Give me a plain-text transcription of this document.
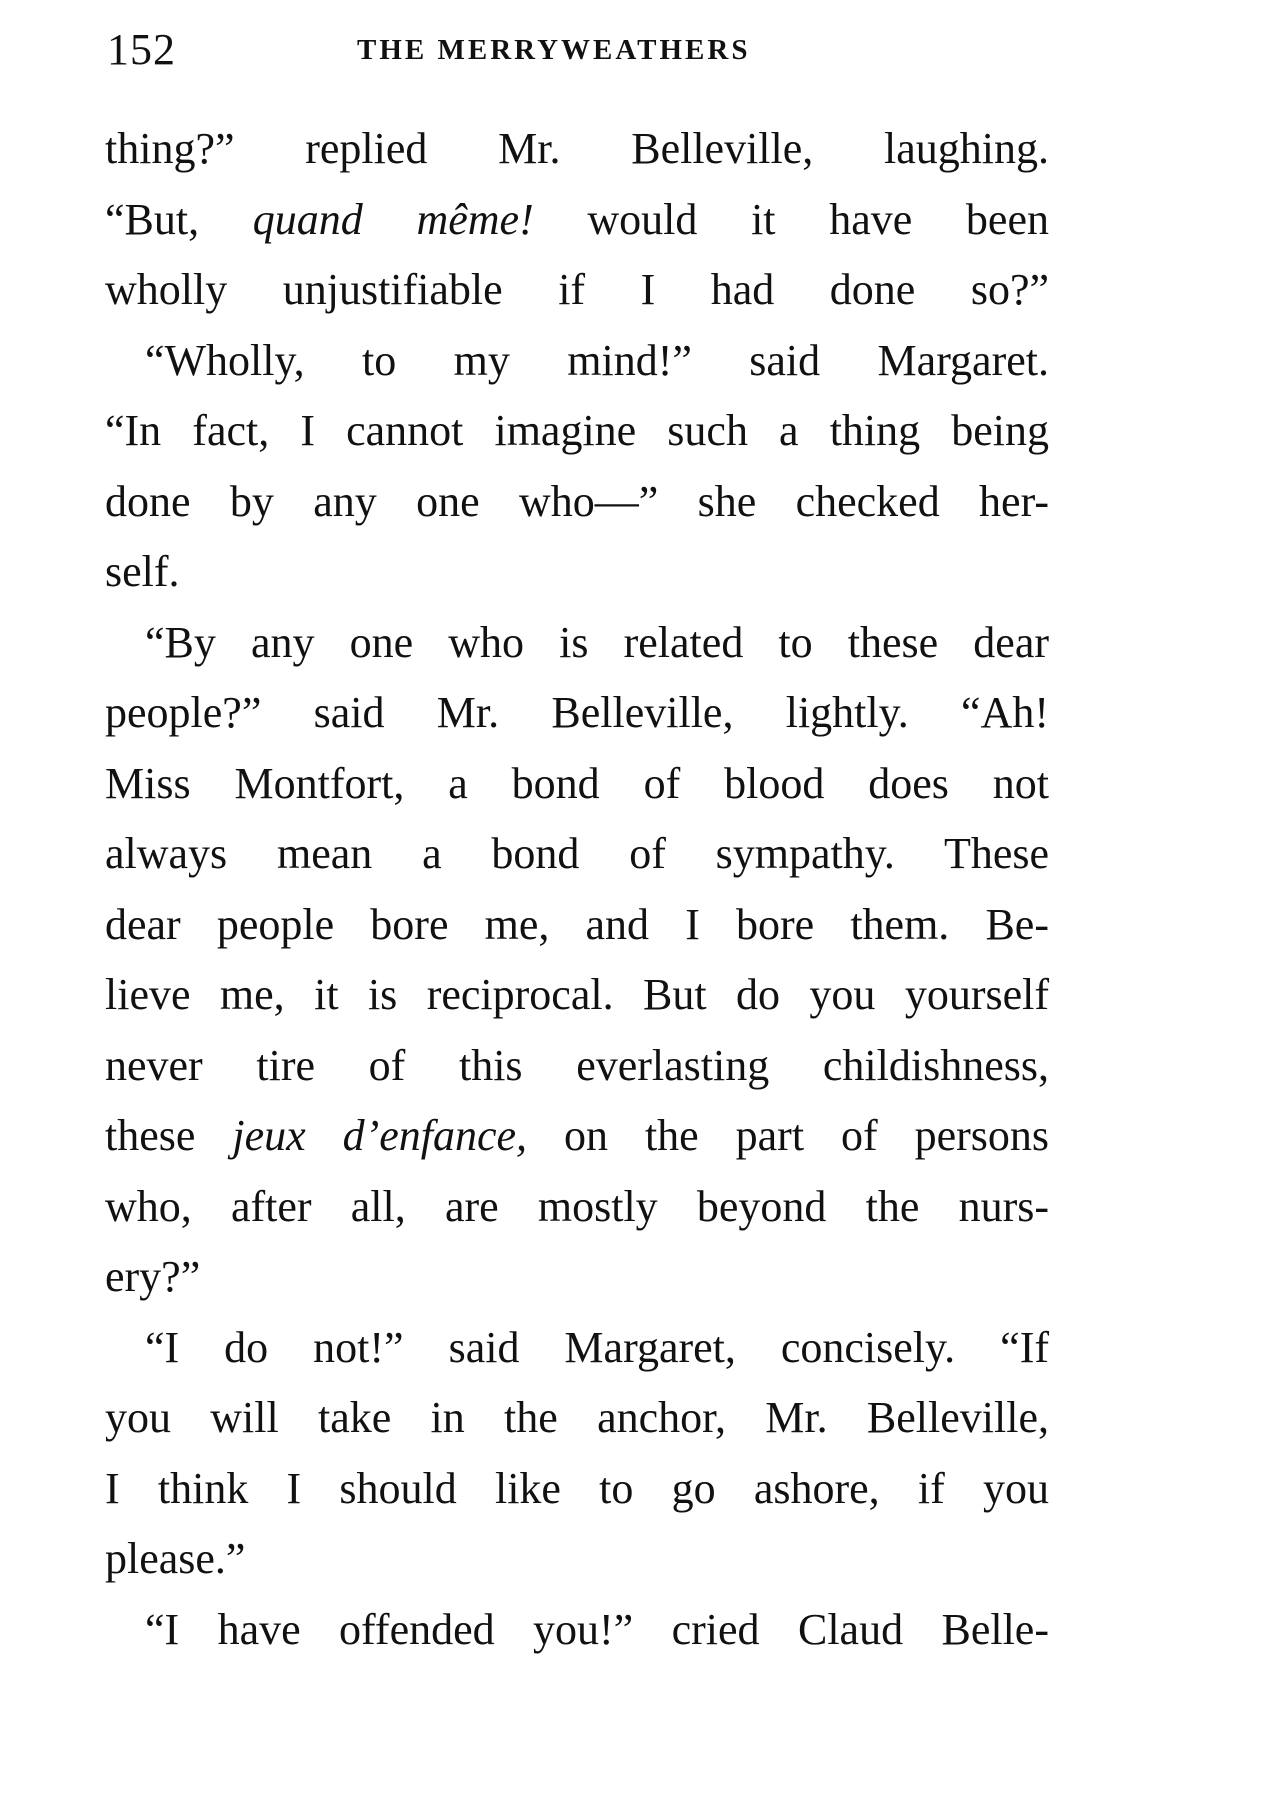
152	THE MERRYWEATHERS
thing?” replied Mr. Belleville, laughing.
“But, quand même! would it have been
wholly unjustifiable if I had done so?”
“Wholly, to my mind!” said Margaret.
“In fact, I cannot imagine such a thing being
done by any one who—” she checked her-
self.
“By any one who is related to these dear
people?” said Mr. Belleville, lightly. “Ah!
Miss Montfort, a bond of blood does not
always mean a bond of sympathy. These
dear people bore me, and I bore them. Be-
lieve me, it is reciprocal. But do you yourself
never tire of this everlasting childishness,
these jeux d’enfance, on the part of persons
who, after all, are mostly beyond the nurs-
ery?”
“I do not!” said Margaret, concisely. “If
you will take in the anchor, Mr. Belleville,
I think I should like to go ashore, if you
please.”
“I have offended you!” cried Claud Belle-
